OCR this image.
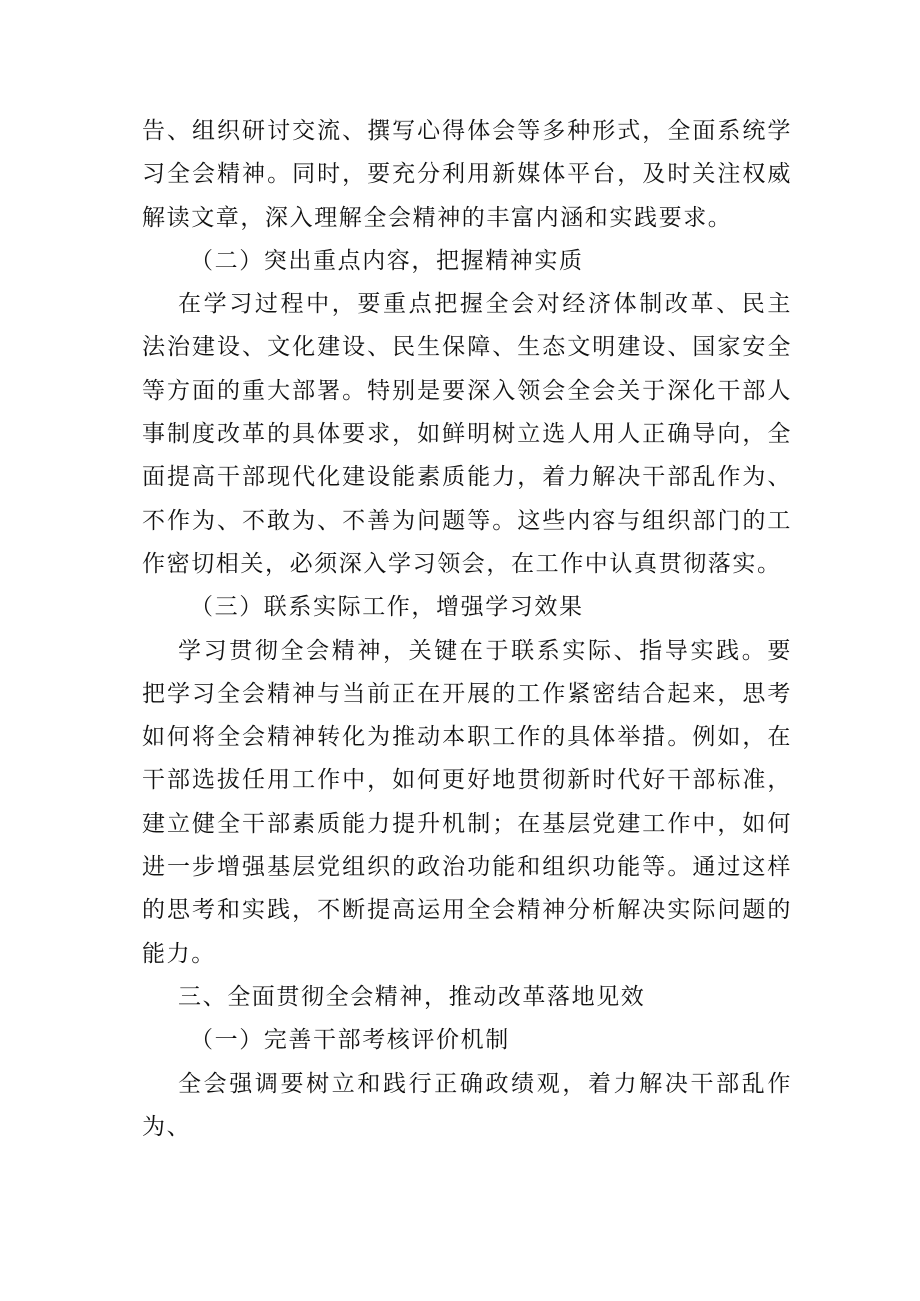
告、组织研讨交流、撰写心得体会等多种形式，全面系统学习全会精神。同时，要充分利用新媒体平台，及时关注权威解读文章，深入理解全会精神的丰富内涵和实践要求。

（二）突出重点内容，把握精神实质

在学习过程中，要重点把握全会对经济体制改革、民主法治建设、文化建设、民生保障、生态文明建设、国家安全等方面的重大部署。特别是要深入领会全会关于深化干部人事制度改革的具体要求，如鲜明树立选人用人正确导向，全面提高干部现代化建设能素质能力，着力解决干部乱作为、不作为、不敢为、不善为问题等。这些内容与组织部门的工作密切相关，必须深入学习领会，在工作中认真贯彻落实。

（三）联系实际工作，增强学习效果

学习贯彻全会精神，关键在于联系实际、指导实践。要把学习全会精神与当前正在开展的工作紧密结合起来，思考如何将全会精神转化为推动本职工作的具体举措。例如，在干部选拔任用工作中，如何更好地贯彻新时代好干部标准，建立健全干部素质能力提升机制；在基层党建工作中，如何进一步增强基层党组织的政治功能和组织功能等。通过这样的思考和实践，不断提高运用全会精神分析解决实际问题的能力。

三、全面贯彻全会精神，推动改革落地见效

（一）完善干部考核评价机制

全会强调要树立和践行正确政绩观，着力解决干部乱作为、
